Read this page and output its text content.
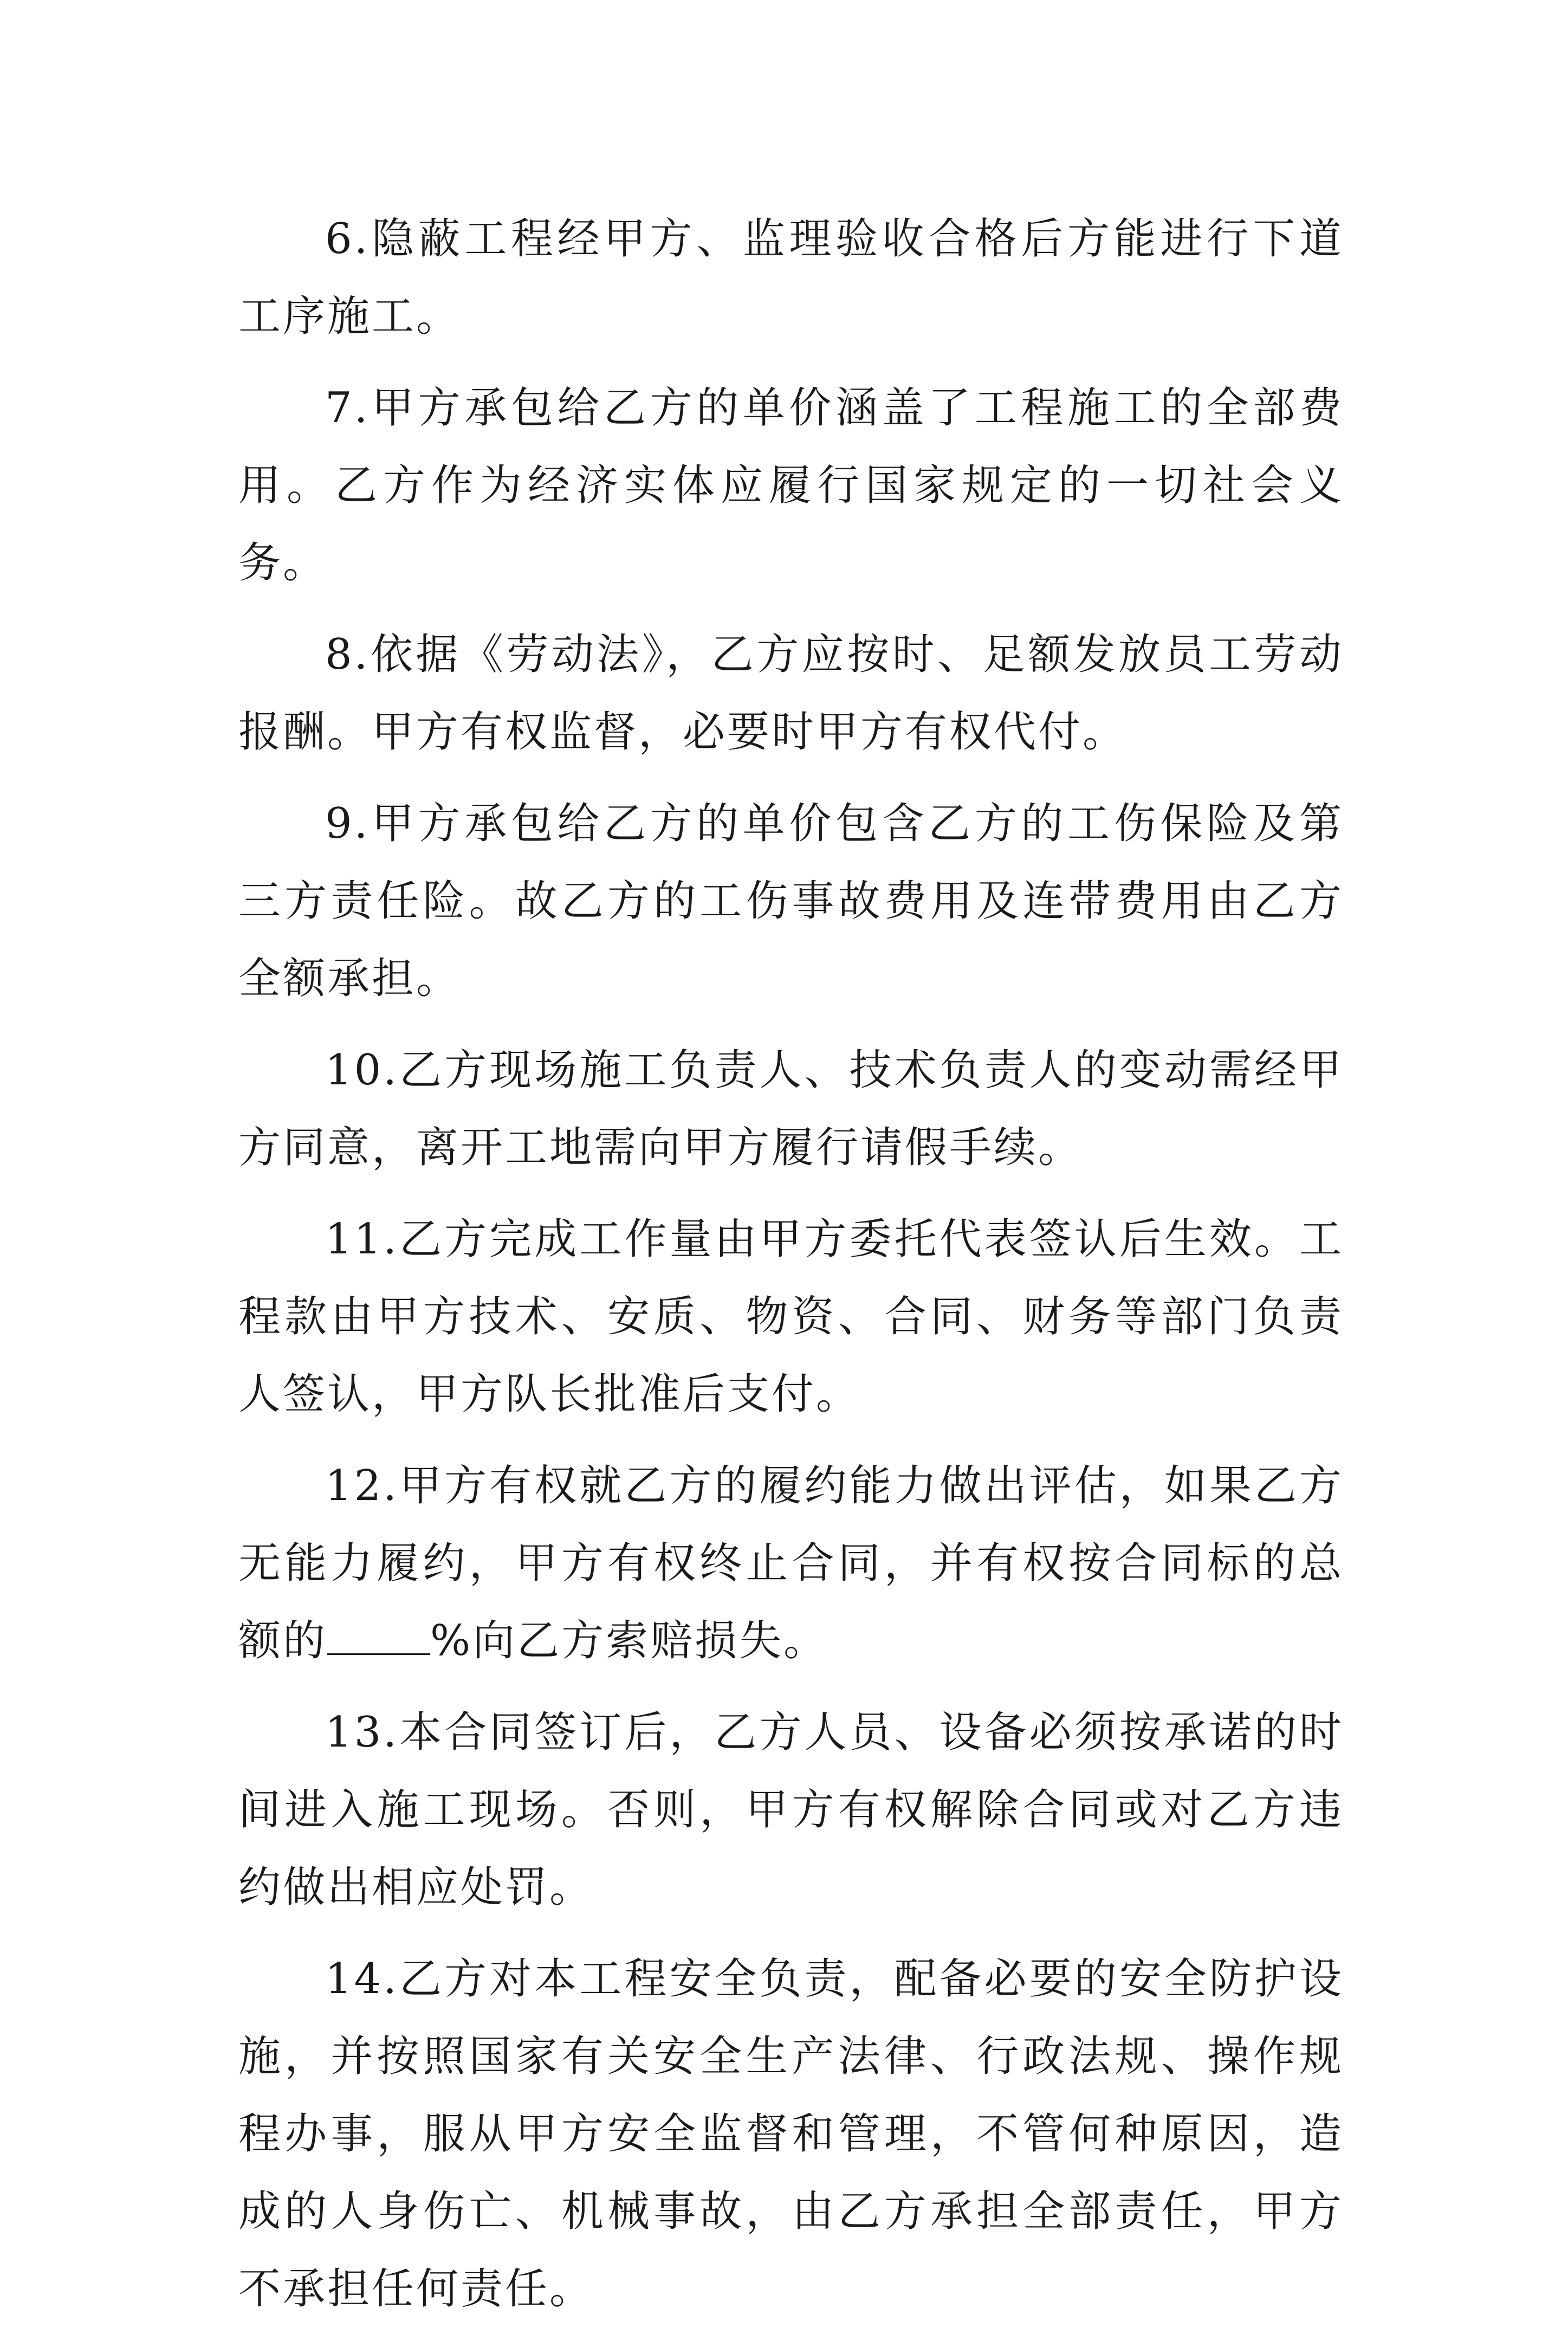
6.隐蔽工程经甲方、监理验收合格后方能进行下道工序施工。

7.甲方承包给乙方的单价涵盖了工程施工的全部费用。乙方作为经济实体应履行国家规定的一切社会义务。

8.依据《劳动法》，乙方应按时、足额发放员工劳动报酬。甲方有权监督，必要时甲方有权代付。

9.甲方承包给乙方的单价包含乙方的工伤保险及第三方责任险。故乙方的工伤事故费用及连带费用由乙方全额承担。

10.乙方现场施工负责人、技术负责人的变动需经甲方同意，离开工地需向甲方履行请假手续。

11.乙方完成工作量由甲方委托代表签认后生效。工程款由甲方技术、安质、物资、合同、财务等部门负责人签认，甲方队长批准后支付。

12.甲方有权就乙方的履约能力做出评估，如果乙方无能力履约，甲方有权终止合同，并有权按合同标的总额的 %向乙方索赔损失。

13.本合同签订后，乙方人员、设备必须按承诺的时间进入施工现场。否则，甲方有权解除合同或对乙方违约做出相应处罚。

14.乙方对本工程安全负责，配备必要的安全防护设施，并按照国家有关安全生产法律、行政法规、操作规程办事，服从甲方安全监督和管理，不管何种原因，造成的人身伤亡、机械事故，由乙方承担全部责任，甲方不承担任何责任。
